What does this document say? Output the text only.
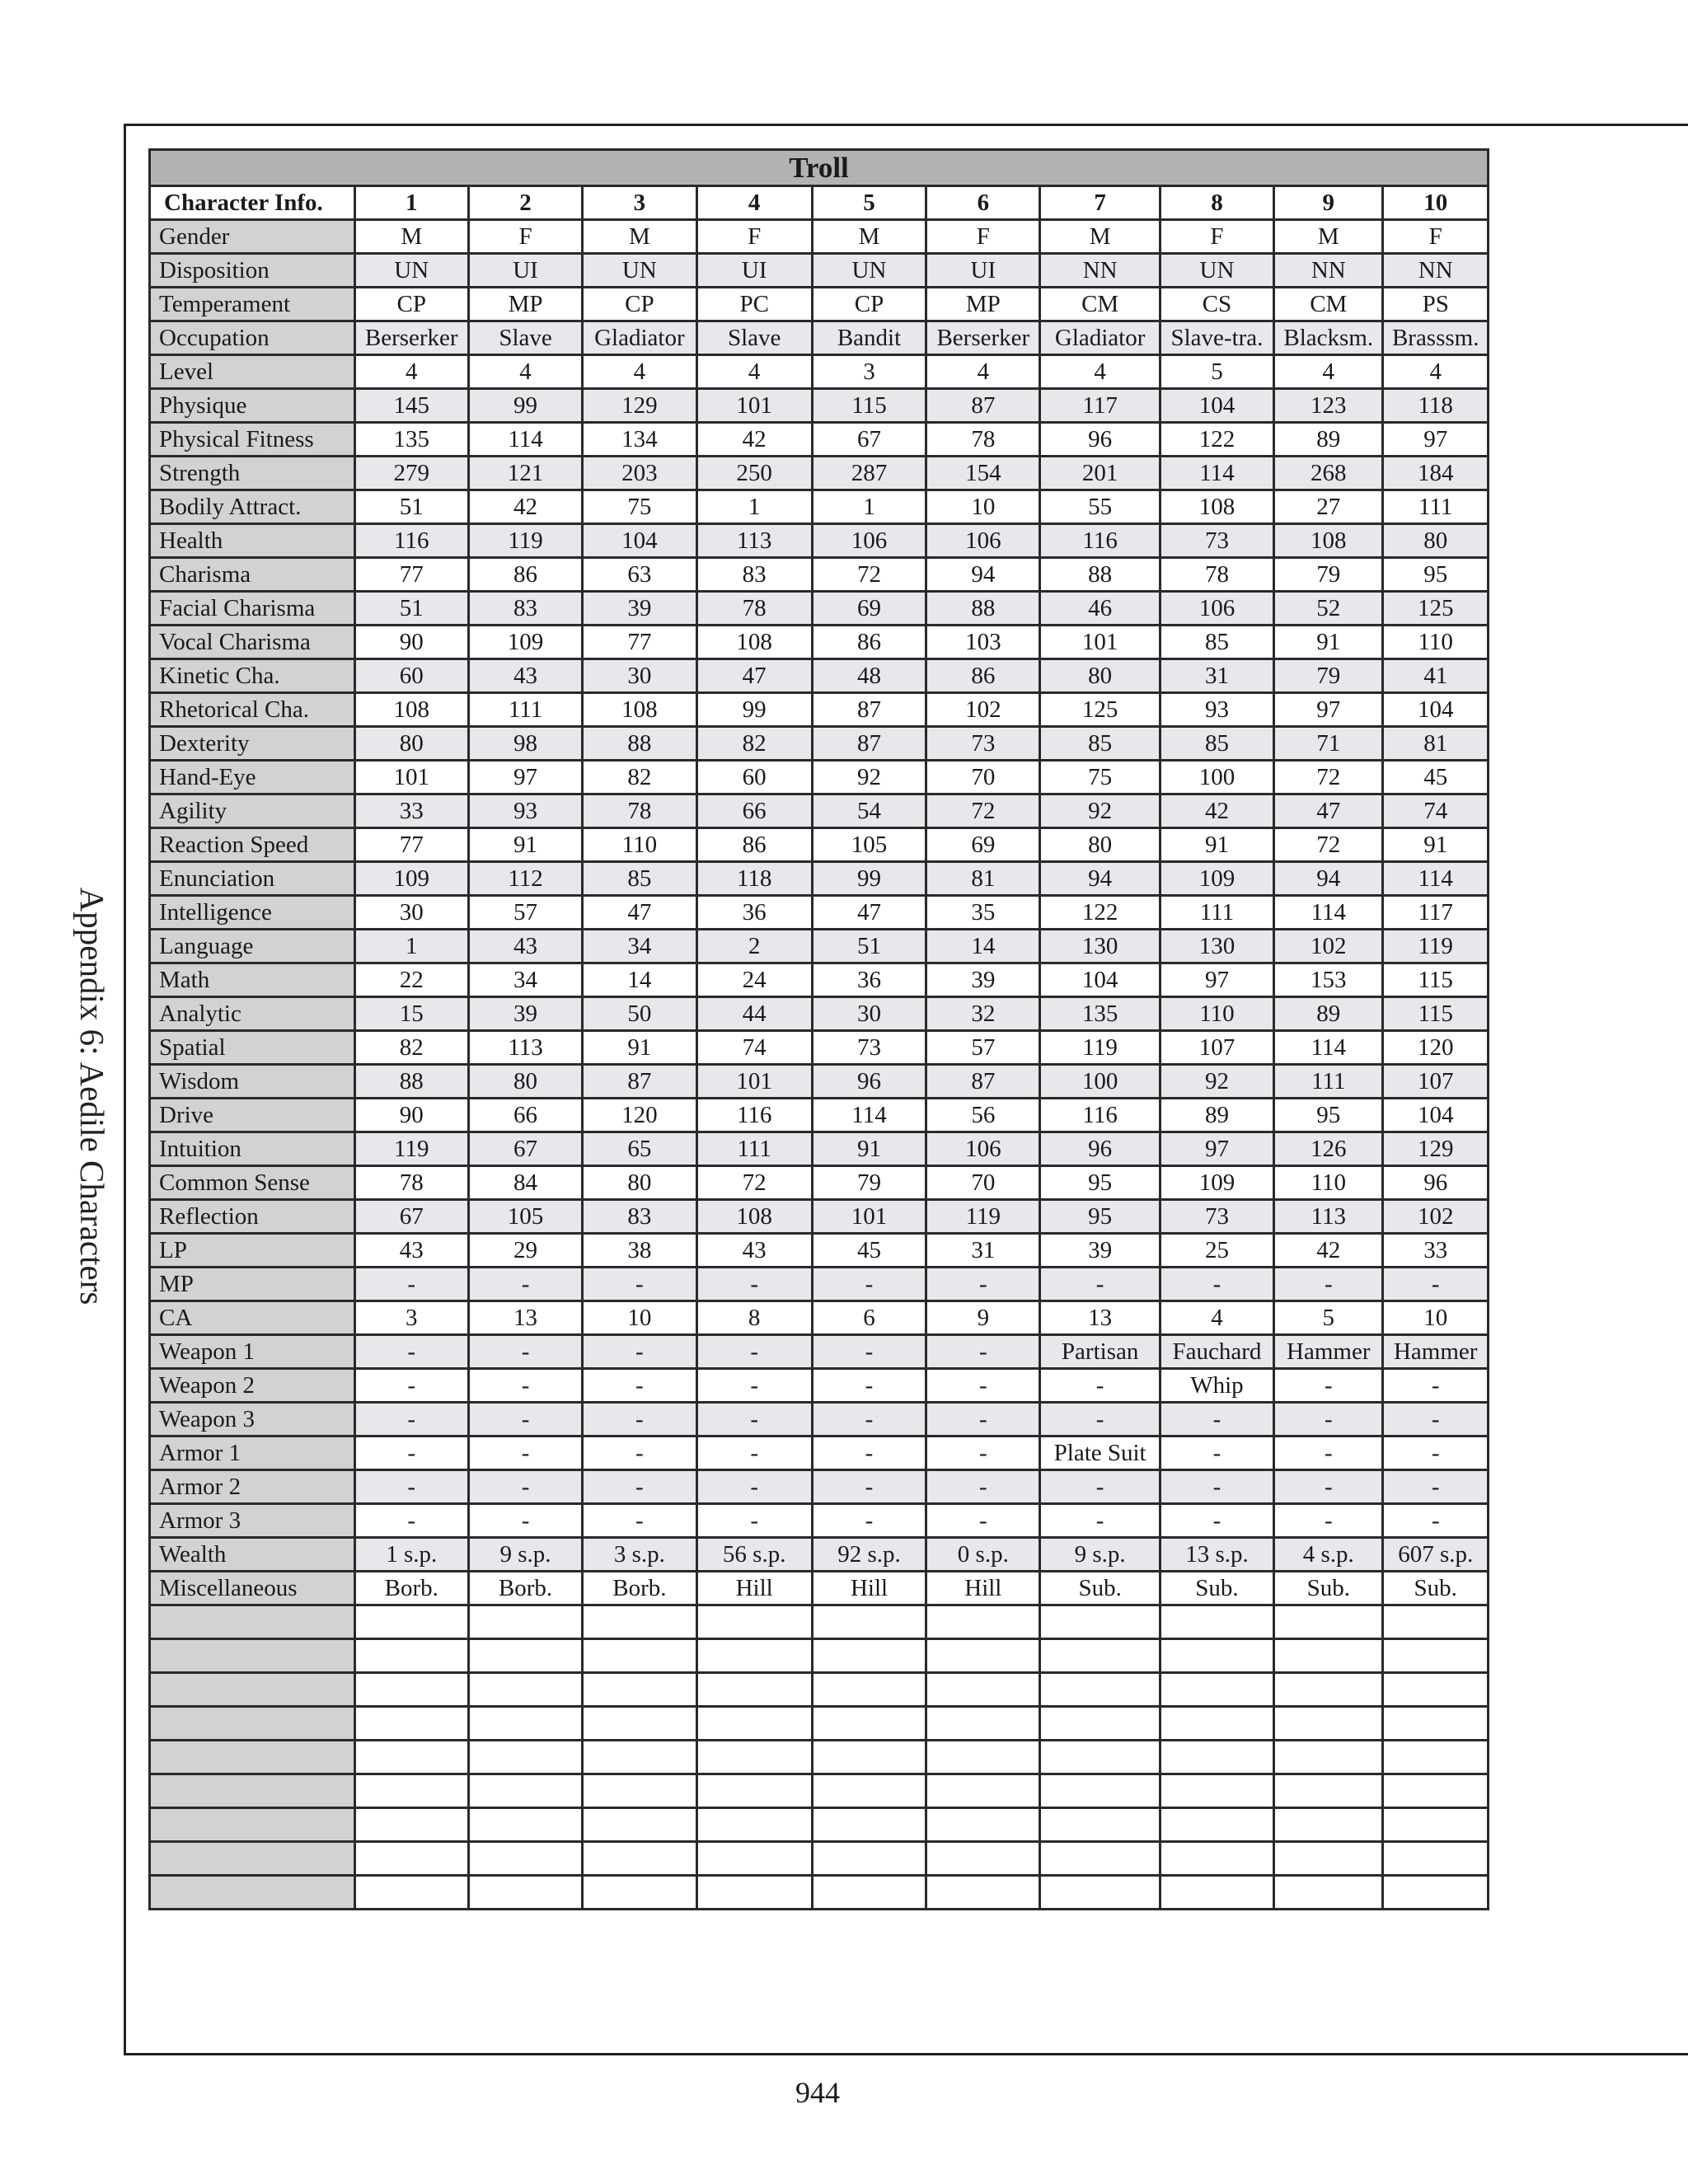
Appendix 6: Aedile Characters
Troll										
Character Info.	1	2	3	4	5	6	7	8	9	10
Gender	M	F	M	F	M	F	M	F	M	F
Disposition	UN	UI	UN	UI	UN	UI	NN	UN	NN	NN
Temperament	CP	MP	CP	PC	CP	MP	CM	CS	CM	PS
Occupation	Berserker	Slave	Gladiator	Slave	Bandit	Berserker	Gladiator	Slave-tra.	Blacksm.	Brasssm.
Level	4	4	4	4	3	4	4	5	4	4
Physique	145	99	129	101	115	87	117	104	123	118
Physical Fitness	135	114	134	42	67	78	96	122	89	97
Strength	279	121	203	250	287	154	201	114	268	184
Bodily Attract.	51	42	75	1	1	10	55	108	27	111
Health	116	119	104	113	106	106	116	73	108	80
Charisma	77	86	63	83	72	94	88	78	79	95
Facial Charisma	51	83	39	78	69	88	46	106	52	125
Vocal Charisma	90	109	77	108	86	103	101	85	91	110
Kinetic Cha.	60	43	30	47	48	86	80	31	79	41
Rhetorical Cha.	108	111	108	99	87	102	125	93	97	104
Dexterity	80	98	88	82	87	73	85	85	71	81
Hand-Eye	101	97	82	60	92	70	75	100	72	45
Agility	33	93	78	66	54	72	92	42	47	74
Reaction Speed	77	91	110	86	105	69	80	91	72	91
Enunciation	109	112	85	118	99	81	94	109	94	114
Intelligence	30	57	47	36	47	35	122	111	114	117
Language	1	43	34	2	51	14	130	130	102	119
Math	22	34	14	24	36	39	104	97	153	115
Analytic	15	39	50	44	30	32	135	110	89	115
Spatial	82	113	91	74	73	57	119	107	114	120
Wisdom	88	80	87	101	96	87	100	92	111	107
Drive	90	66	120	116	114	56	116	89	95	104
Intuition	119	67	65	111	91	106	96	97	126	129
Common Sense	78	84	80	72	79	70	95	109	110	96
Reflection	67	105	83	108	101	119	95	73	113	102
LP	43	29	38	43	45	31	39	25	42	33
MP	-	-	-	-	-	-	-	-	-	-
CA	3	13	10	8	6	9	13	4	5	10
Weapon 1	-	-	-	-	-	-	Partisan	Fauchard	Hammer	Hammer
Weapon 2	-	-	-	-	-	-	-	Whip	-	-
Weapon 3	-	-	-	-	-	-	-	-	-	-
Armor 1	-	-	-	-	-	-	Plate Suit	-	-	-
Armor 2	-	-	-	-	-	-	-	-	-	-
Armor 3	-	-	-	-	-	-	-	-	-	-
Wealth	1 s.p.	9 s.p.	3 s.p.	56 s.p.	92 s.p.	0 s.p.	9 s.p.	13 s.p.	4 s.p.	607 s.p.
Miscellaneous	Borb.	Borb.	Borb.	Hill	Hill	Hill	Sub.	Sub.	Sub.	Sub.

944
